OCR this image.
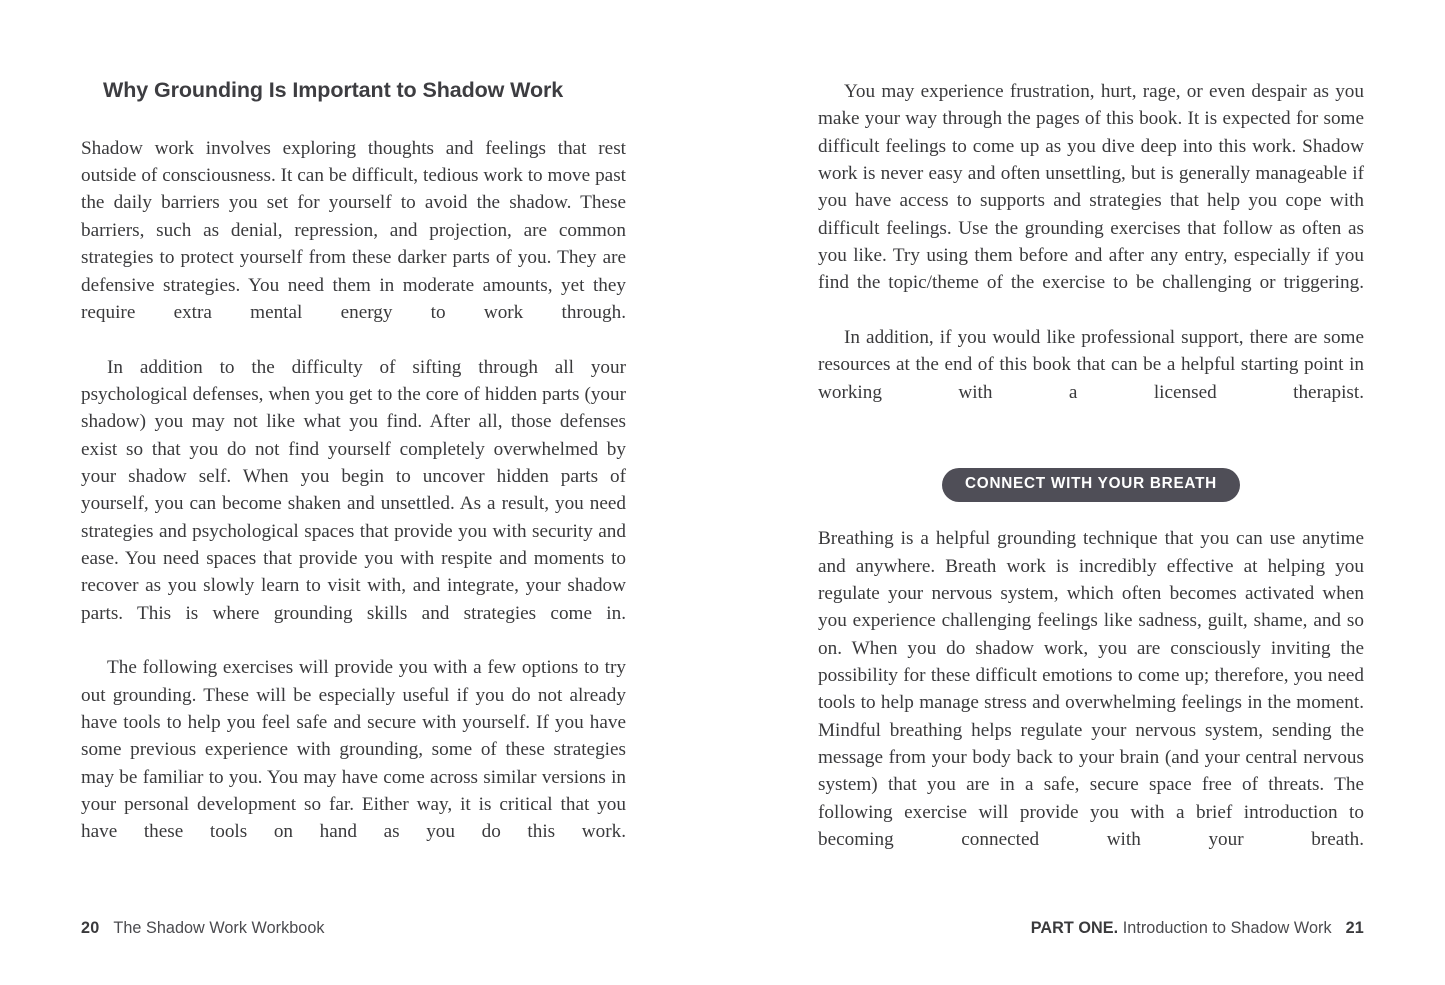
Why Grounding Is Important to Shadow Work

Shadow work involves exploring thoughts and feelings that rest outside of consciousness. It can be difficult, tedious work to move past the daily barriers you set for yourself to avoid the shadow. These barriers, such as denial, repression, and projection, are common strategies to protect yourself from these darker parts of you. They are defensive strategies. You need them in moderate amounts, yet they require extra mental energy to work through.

In addition to the difficulty of sifting through all your psychological defenses, when you get to the core of hidden parts (your shadow) you may not like what you find. After all, those defenses exist so that you do not find yourself completely overwhelmed by your shadow self. When you begin to uncover hidden parts of yourself, you can become shaken and unsettled. As a result, you need strategies and psychological spaces that provide you with security and ease. You need spaces that provide you with respite and moments to recover as you slowly learn to visit with, and integrate, your shadow parts. This is where grounding skills and strategies come in.

The following exercises will provide you with a few options to try out grounding. These will be especially useful if you do not already have tools to help you feel safe and secure with yourself. If you have some previous experience with grounding, some of these strategies may be familiar to you. You may have come across similar versions in your personal development so far. Either way, it is critical that you have these tools on hand as you do this work.

20 The Shadow Work Workbook

You may experience frustration, hurt, rage, or even despair as you make your way through the pages of this book. It is expected for some difficult feelings to come up as you dive deep into this work. Shadow work is never easy and often unsettling, but is generally manageable if you have access to supports and strategies that help you cope with difficult feelings. Use the grounding exercises that follow as often as you like. Try using them before and after any entry, especially if you find the topic/theme of the exercise to be challenging or triggering.

In addition, if you would like professional support, there are some resources at the end of this book that can be a helpful starting point in working with a licensed therapist.

CONNECT WITH YOUR BREATH

Breathing is a helpful grounding technique that you can use anytime and anywhere. Breath work is incredibly effective at helping you regulate your nervous system, which often becomes activated when you experience challenging feelings like sadness, guilt, shame, and so on. When you do shadow work, you are consciously inviting the possibility for these difficult emotions to come up; therefore, you need tools to help manage stress and overwhelming feelings in the moment. Mindful breathing helps regulate your nervous system, sending the message from your body back to your brain (and your central nervous system) that you are in a safe, secure space free of threats. The following exercise will provide you with a brief introduction to becoming connected with your breath.

PART ONE. Introduction to Shadow Work 21
